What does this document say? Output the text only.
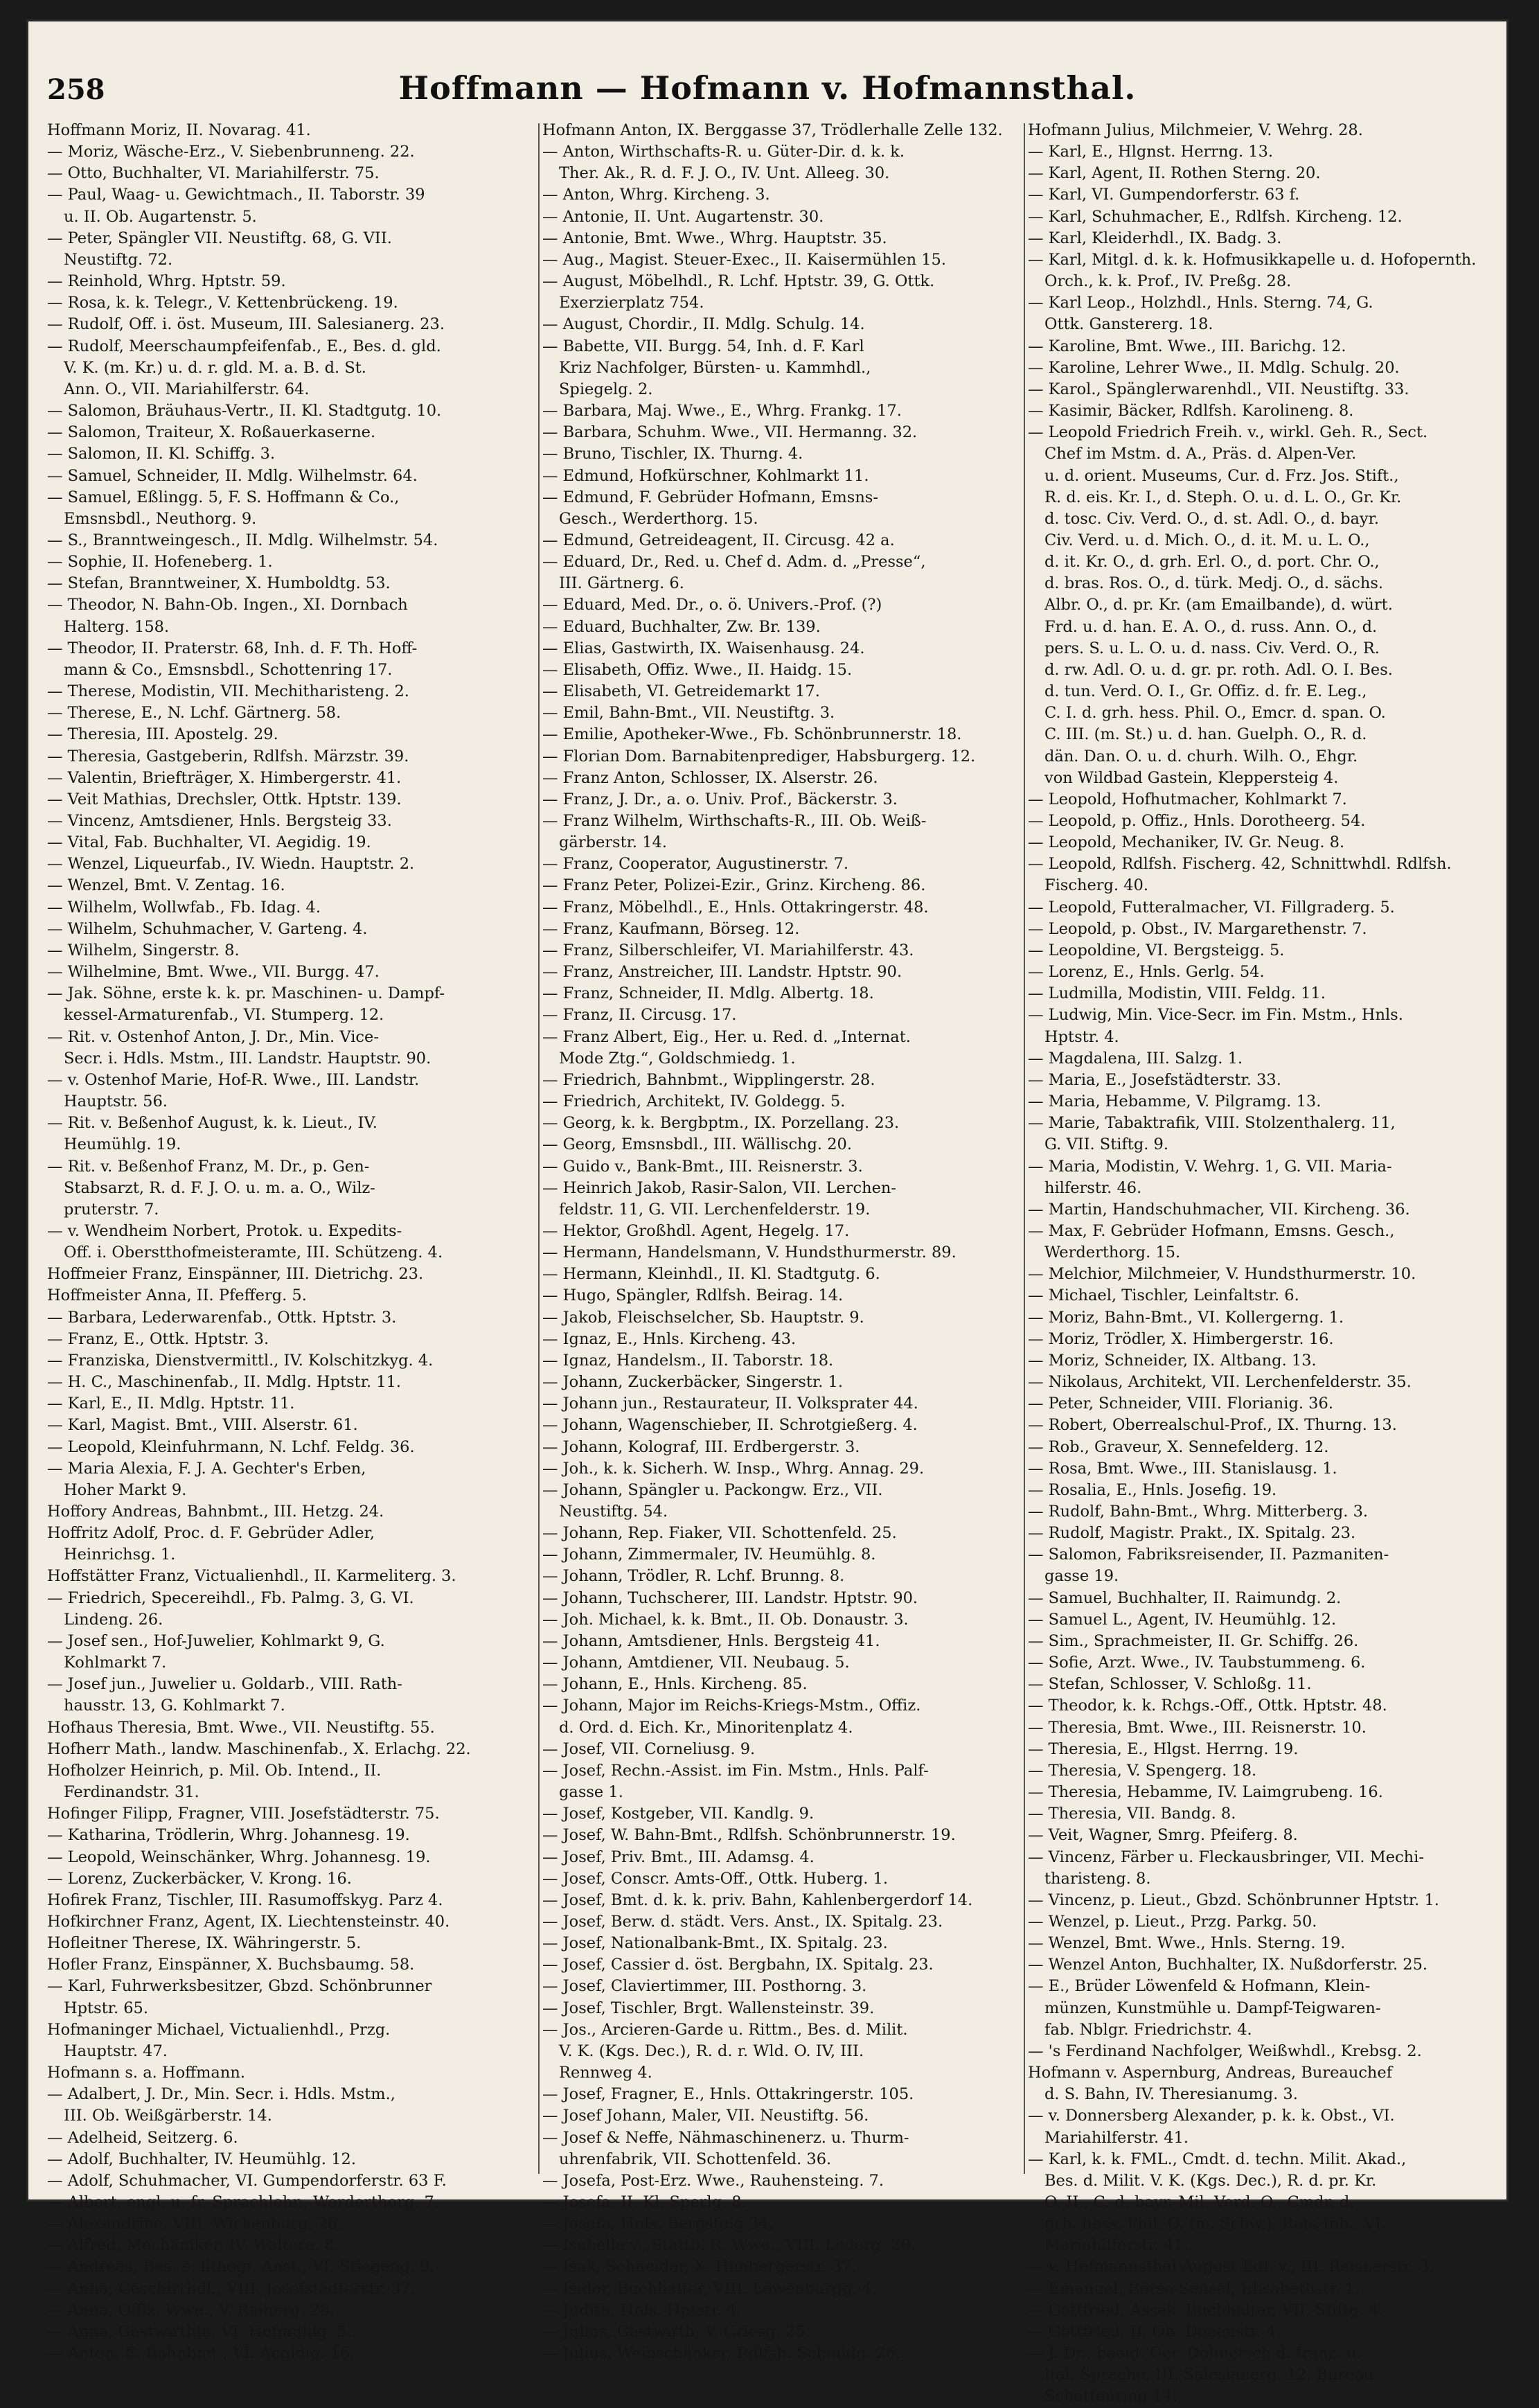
258	Hoffmann — Hofmann v. Hofmannsthal.
Hoffmann Moriz, II. Novarag. 41.
— Moriz, Wäsche-Erz., V. Siebenbrunneng. 22.
— Otto, Buchhalter, VI. Mariahilferstr. 75.
— Paul, Waag- u. Gewichtmach., II. Taborstr. 39
u. II. Ob. Augartenstr. 5.
— Peter, Spängler VII. Neustiftg. 68, G. VII.
Neustiftg. 72.
— Reinhold, Whrg. Hptstr. 59.
— Rosa, k. k. Telegr., V. Kettenbrückeng. 19.
— Rudolf, Off. i. öst. Museum, III. Salesianerg. 23.
— Rudolf, Meerschaumpfeifenfab., E., Bes. d. gld.
V. K. (m. Kr.) u. d. r. gld. M. a. B. d. St.
Ann. O., VII. Mariahilferstr. 64.
— Salomon, Bräuhaus-Vertr., II. Kl. Stadtgutg. 10.
— Salomon, Traiteur, X. Roßauerkaserne.
— Salomon, II. Kl. Schiffg. 3.
— Samuel, Schneider, II. Mdlg. Wilhelmstr. 64.
— Samuel, Eßlingg. 5, F. S. Hoffmann & Co.,
Emsnsbdl., Neuthorg. 9.
— S., Branntweingesch., II. Mdlg. Wilhelmstr. 54.
— Sophie, II. Hofeneberg. 1.
— Stefan, Branntweiner, X. Humboldtg. 53.
— Theodor, N. Bahn-Ob. Ingen., XI. Dornbach
Halterg. 158.
— Theodor, II. Praterstr. 68, Inh. d. F. Th. Hoff-
mann & Co., Emsnsbdl., Schottenring 17.
— Therese, Modistin, VII. Mechitharisteng. 2.
— Therese, E., N. Lchf. Gärtnerg. 58.
— Theresia, III. Apostelg. 29.
— Theresia, Gastgeberin, Rdlfsh. Märzstr. 39.
— Valentin, Briefträger, X. Himbergerstr. 41.
— Veit Mathias, Drechsler, Ottk. Hptstr. 139.
— Vincenz, Amtsdiener, Hnls. Bergsteig 33.
— Vital, Fab. Buchhalter, VI. Aegidig. 19.
— Wenzel, Liqueurfab., IV. Wiedn. Hauptstr. 2.
— Wenzel, Bmt. V. Zentag. 16.
— Wilhelm, Wollwfab., Fb. Idag. 4.
— Wilhelm, Schuhmacher, V. Garteng. 4.
— Wilhelm, Singerstr. 8.
— Wilhelmine, Bmt. Wwe., VII. Burgg. 47.
— Jak. Söhne, erste k. k. pr. Maschinen- u. Dampf-
kessel-Armaturenfab., VI. Stumperg. 12.
— Rit. v. Ostenhof Anton, J. Dr., Min. Vice-
Secr. i. Hdls. Mstm., III. Landstr. Hauptstr. 90.
— v. Ostenhof Marie, Hof-R. Wwe., III. Landstr.
Hauptstr. 56.
— Rit. v. Beßenhof August, k. k. Lieut., IV.
Heumühlg. 19.
— Rit. v. Beßenhof Franz, M. Dr., p. Gen-
Stabsarzt, R. d. F. J. O. u. m. a. O., Wilz-
pruterstr. 7.
— v. Wendheim Norbert, Protok. u. Expedits-
Off. i. Oberstthofmeisteramte, III. Schützeng. 4.
Hoffmeier Franz, Einspänner, III. Dietrichg. 23.
Hoffmeister Anna, II. Pfefferg. 5.
— Barbara, Lederwarenfab., Ottk. Hptstr. 3.
— Franz, E., Ottk. Hptstr. 3.
— Franziska, Dienstvermittl., IV. Kolschitzkyg. 4.
— H. C., Maschinenfab., II. Mdlg. Hptstr. 11.
— Karl, E., II. Mdlg. Hptstr. 11.
— Karl, Magist. Bmt., VIII. Alserstr. 61.
— Leopold, Kleinfuhrmann, N. Lchf. Feldg. 36.
— Maria Alexia, F. J. A. Gechter's Erben,
Hoher Markt 9.
Hoffory Andreas, Bahnbmt., III. Hetzg. 24.
Hoffritz Adolf, Proc. d. F. Gebrüder Adler,
Heinrichsg. 1.
Hoffstätter Franz, Victualienhdl., II. Karmeliterg. 3.
— Friedrich, Specereihdl., Fb. Palmg. 3, G. VI.
Lindeng. 26.
— Josef sen., Hof-Juwelier, Kohlmarkt 9, G.
Kohlmarkt 7.
— Josef jun., Juwelier u. Goldarb., VIII. Rath-
hausstr. 13, G. Kohlmarkt 7.
Hofhaus Theresia, Bmt. Wwe., VII. Neustiftg. 55.
Hofherr Math., landw. Maschinenfab., X. Erlachg. 22.
Hofholzer Heinrich, p. Mil. Ob. Intend., II.
Ferdinandstr. 31.
Hofinger Filipp, Fragner, VIII. Josefstädterstr. 75.
— Katharina, Trödlerin, Whrg. Johannesg. 19.
— Leopold, Weinschänker, Whrg. Johannesg. 19.
— Lorenz, Zuckerbäcker, V. Krong. 16.
Hofirek Franz, Tischler, III. Rasumoffskyg. Parz 4.
Hofkirchner Franz, Agent, IX. Liechtensteinstr. 40.
Hofleitner Therese, IX. Währingerstr. 5.
Hofler Franz, Einspänner, X. Buchsbaumg. 58.
— Karl, Fuhrwerksbesitzer, Gbzd. Schönbrunner
Hptstr. 65.
Hofmaninger Michael, Victualienhdl., Przg.
Hauptstr. 47.
Hofmann s. a. Hoffmann.
— Adalbert, J. Dr., Min. Secr. i. Hdls. Mstm.,
III. Ob. Weißgärberstr. 14.
— Adelheid, Seitzerg. 6.
— Adolf, Buchhalter, IV. Heumühlg. 12.
— Adolf, Schuhmacher, VI. Gumpendorferstr. 63 F.
— Albert, engl. u. fr. Sprachlehr., Werderthorg. 7.
— Alexandrine, VIII. Wickenburg. 26.
— Alfred, Mechaniker, IV. Waltera. 8.
— Andreas, Bes. e. lithogr. Anst., VI. Stiegeng. 9.
— Anna, Geschirrhdl., VIII. Josefstädterstr. 37.
— Anna, Offiz. Wwe., V. Rainerg. 28.
— Anna, Gastwirthin, VI. Hofmühlg. 5.
— Anton, E. Bahnbmt., VI. Aegidig. 16.
Hofmann Anton, IX. Berggasse 37, Trödlerhalle Zelle 132.
— Anton, Wirthschafts-R. u. Güter-Dir. d. k. k.
Ther. Ak., R. d. F. J. O., IV. Unt. Alleeg. 30.
— Anton, Whrg. Kircheng. 3.
— Antonie, II. Unt. Augartenstr. 30.
— Antonie, Bmt. Wwe., Whrg. Hauptstr. 35.
— Aug., Magist. Steuer-Exec., II. Kaisermühlen 15.
— August, Möbelhdl., R. Lchf. Hptstr. 39, G. Ottk.
Exerzierplatz 754.
— August, Chordir., II. Mdlg. Schulg. 14.
— Babette, VII. Burgg. 54, Inh. d. F. Karl
Kriz Nachfolger, Bürsten- u. Kammhdl.,
Spiegelg. 2.
— Barbara, Maj. Wwe., E., Whrg. Frankg. 17.
— Barbara, Schuhm. Wwe., VII. Hermanng. 32.
— Bruno, Tischler, IX. Thurng. 4.
— Edmund, Hofkürschner, Kohlmarkt 11.
— Edmund, F. Gebrüder Hofmann, Emsns-
Gesch., Werderthorg. 15.
— Edmund, Getreideagent, II. Circusg. 42 a.
— Eduard, Dr., Red. u. Chef d. Adm. d. „Presse“,
III. Gärtnerg. 6.
— Eduard, Med. Dr., o. ö. Univers.-Prof. (?)
— Eduard, Buchhalter, Zw. Br. 139.
— Elias, Gastwirth, IX. Waisenhausg. 24.
— Elisabeth, Offiz. Wwe., II. Haidg. 15.
— Elisabeth, VI. Getreidemarkt 17.
— Emil, Bahn-Bmt., VII. Neustiftg. 3.
— Emilie, Apotheker-Wwe., Fb. Schönbrunnerstr. 18.
— Florian Dom. Barnabitenprediger, Habsburgerg. 12.
— Franz Anton, Schlosser, IX. Alserstr. 26.
— Franz, J. Dr., a. o. Univ. Prof., Bäckerstr. 3.
— Franz Wilhelm, Wirthschafts-R., III. Ob. Weiß-
gärberstr. 14.
— Franz, Cooperator, Augustinerstr. 7.
— Franz Peter, Polizei-Ezir., Grinz. Kircheng. 86.
— Franz, Möbelhdl., E., Hnls. Ottakringerstr. 48.
— Franz, Kaufmann, Börseg. 12.
— Franz, Silberschleifer, VI. Mariahilferstr. 43.
— Franz, Anstreicher, III. Landstr. Hptstr. 90.
— Franz, Schneider, II. Mdlg. Albertg. 18.
— Franz, II. Circusg. 17.
— Franz Albert, Eig., Her. u. Red. d. „Internat.
Mode Ztg.“, Goldschmiedg. 1.
— Friedrich, Bahnbmt., Wipplingerstr. 28.
— Friedrich, Architekt, IV. Goldegg. 5.
— Georg, k. k. Bergbptm., IX. Porzellang. 23.
— Georg, Emsnsbdl., III. Wällischg. 20.
— Guido v., Bank-Bmt., III. Reisnerstr. 3.
— Heinrich Jakob, Rasir-Salon, VII. Lerchen-
feldstr. 11, G. VII. Lerchenfelderstr. 19.
— Hektor, Großhdl. Agent, Hegelg. 17.
— Hermann, Handelsmann, V. Hundsthurmerstr. 89.
— Hermann, Kleinhdl., II. Kl. Stadtgutg. 6.
— Hugo, Spängler, Rdlfsh. Beirag. 14.
— Jakob, Fleischselcher, Sb. Hauptstr. 9.
— Ignaz, E., Hnls. Kircheng. 43.
— Ignaz, Handelsm., II. Taborstr. 18.
— Johann, Zuckerbäcker, Singerstr. 1.
— Johann jun., Restaurateur, II. Volksprater 44.
— Johann, Wagenschieber, II. Schrotgießerg. 4.
— Johann, Kolograf, III. Erdbergerstr. 3.
— Joh., k. k. Sicherh. W. Insp., Whrg. Annag. 29.
— Johann, Spängler u. Packongw. Erz., VII.
Neustiftg. 54.
— Johann, Rep. Fiaker, VII. Schottenfeld. 25.
— Johann, Zimmermaler, IV. Heumühlg. 8.
— Johann, Trödler, R. Lchf. Brunng. 8.
— Johann, Tuchscherer, III. Landstr. Hptstr. 90.
— Joh. Michael, k. k. Bmt., II. Ob. Donaustr. 3.
— Johann, Amtsdiener, Hnls. Bergsteig 41.
— Johann, Amtdiener, VII. Neubaug. 5.
— Johann, E., Hnls. Kircheng. 85.
— Johann, Major im Reichs-Kriegs-Mstm., Offiz.
d. Ord. d. Eich. Kr., Minoritenplatz 4.
— Josef, VII. Corneliusg. 9.
— Josef, Rechn.-Assist. im Fin. Mstm., Hnls. Palf-
gasse 1.
— Josef, Kostgeber, VII. Kandlg. 9.
— Josef, W. Bahn-Bmt., Rdlfsh. Schönbrunnerstr. 19.
— Josef, Priv. Bmt., III. Adamsg. 4.
— Josef, Conscr. Amts-Off., Ottk. Huberg. 1.
— Josef, Bmt. d. k. k. priv. Bahn, Kahlenbergerdorf 14.
— Josef, Berw. d. städt. Vers. Anst., IX. Spitalg. 23.
— Josef, Nationalbank-Bmt., IX. Spitalg. 23.
— Josef, Cassier d. öst. Bergbahn, IX. Spitalg. 23.
— Josef, Claviertimmer, III. Posthorng. 3.
— Josef, Tischler, Brgt. Wallensteinstr. 39.
— Jos., Arcieren-Garde u. Rittm., Bes. d. Milit.
V. K. (Kgs. Dec.), R. d. r. Wld. O. IV, III.
Rennweg 4.
— Josef, Fragner, E., Hnls. Ottakringerstr. 105.
— Josef Johann, Maler, VII. Neustiftg. 56.
— Josef & Neffe, Nähmaschinenerz. u. Thurm-
uhrenfabrik, VII. Schottenfeld. 36.
— Josefa, Post-Erz. Wwe., Rauhensteing. 7.
— Josefa, II. Kl. Sperlg. 8.
— Josefa, Hnls. Bergsteig 34.
— Isabella v., Stattb. R. Wwe., VIII. Lederg. 20.
— Isak, Schneider, X. Himbergerstr. 37.
— Isidor, Buchhalter, VIII. Löwenburgg. 4.
— Judith, Hnls. Hptstr. 4.
— Julius, Gastwirth, V. Griesg. 25.
— Julius, Weinschänker, Rdlfsh. Schmidg. 26.
Hofmann Julius, Milchmeier, V. Wehrg. 28.
— Karl, E., Hlgnst. Herrng. 13.
— Karl, Agent, II. Rothen Sterng. 20.
— Karl, VI. Gumpendorferstr. 63 f.
— Karl, Schuhmacher, E., Rdlfsh. Kircheng. 12.
— Karl, Kleiderhdl., IX. Badg. 3.
— Karl, Mitgl. d. k. k. Hofmusikkapelle u. d. Hofopernth.
Orch., k. k. Prof., IV. Preßg. 28.
— Karl Leop., Holzhdl., Hnls. Sterng. 74, G.
Ottk. Ganstererg. 18.
— Karoline, Bmt. Wwe., III. Barichg. 12.
— Karoline, Lehrer Wwe., II. Mdlg. Schulg. 20.
— Karol., Spänglerwarenhdl., VII. Neustiftg. 33.
— Kasimir, Bäcker, Rdlfsh. Karolineng. 8.
— Leopold Friedrich Freih. v., wirkl. Geh. R., Sect.
Chef im Mstm. d. A., Präs. d. Alpen-Ver.
u. d. orient. Museums, Cur. d. Frz. Jos. Stift.,
R. d. eis. Kr. I., d. Steph. O. u. d. L. O., Gr. Kr.
d. tosc. Civ. Verd. O., d. st. Adl. O., d. bayr.
Civ. Verd. u. d. Mich. O., d. it. M. u. L. O.,
d. it. Kr. O., d. grh. Erl. O., d. port. Chr. O.,
d. bras. Ros. O., d. türk. Medj. O., d. sächs.
Albr. O., d. pr. Kr. (am Emailbande), d. würt.
Frd. u. d. han. E. A. O., d. russ. Ann. O., d.
pers. S. u. L. O. u. d. nass. Civ. Verd. O., R.
d. rw. Adl. O. u. d. gr. pr. roth. Adl. O. I. Bes.
d. tun. Verd. O. I., Gr. Offiz. d. fr. E. Leg.,
C. I. d. grh. hess. Phil. O., Emcr. d. span. O.
C. III. (m. St.) u. d. han. Guelph. O., R. d.
dän. Dan. O. u. d. churh. Wilh. O., Ehgr.
von Wildbad Gastein, Kleppersteig 4.
— Leopold, Hofhutmacher, Kohlmarkt 7.
— Leopold, p. Offiz., Hnls. Dorotheerg. 54.
— Leopold, Mechaniker, IV. Gr. Neug. 8.
— Leopold, Rdlfsh. Fischerg. 42, Schnittwhdl. Rdlfsh.
Fischerg. 40.
— Leopold, Futteralmacher, VI. Fillgraderg. 5.
— Leopold, p. Obst., IV. Margarethenstr. 7.
— Leopoldine, VI. Bergsteigg. 5.
— Lorenz, E., Hnls. Gerlg. 54.
— Ludmilla, Modistin, VIII. Feldg. 11.
— Ludwig, Min. Vice-Secr. im Fin. Mstm., Hnls.
Hptstr. 4.
— Magdalena, III. Salzg. 1.
— Maria, E., Josefstädterstr. 33.
— Maria, Hebamme, V. Pilgramg. 13.
— Marie, Tabaktrafik, VIII. Stolzenthalerg. 11,
G. VII. Stiftg. 9.
— Maria, Modistin, V. Wehrg. 1, G. VII. Maria-
hilferstr. 46.
— Martin, Handschuhmacher, VII. Kircheng. 36.
— Max, F. Gebrüder Hofmann, Emsns. Gesch.,
Werderthorg. 15.
— Melchior, Milchmeier, V. Hundsthurmerstr. 10.
— Michael, Tischler, Leinfaltstr. 6.
— Moriz, Bahn-Bmt., VI. Kollergerng. 1.
— Moriz, Trödler, X. Himbergerstr. 16.
— Moriz, Schneider, IX. Altbang. 13.
— Nikolaus, Architekt, VII. Lerchenfelderstr. 35.
— Peter, Schneider, VIII. Florianig. 36.
— Robert, Oberrealschul-Prof., IX. Thurng. 13.
— Rob., Graveur, X. Sennefelderg. 12.
— Rosa, Bmt. Wwe., III. Stanislausg. 1.
— Rosalia, E., Hnls. Josefig. 19.
— Rudolf, Bahn-Bmt., Whrg. Mitterberg. 3.
— Rudolf, Magistr. Prakt., IX. Spitalg. 23.
— Salomon, Fabriksreisender, II. Pazmaniten-
gasse 19.
— Samuel, Buchhalter, II. Raimundg. 2.
— Samuel L., Agent, IV. Heumühlg. 12.
— Sim., Sprachmeister, II. Gr. Schiffg. 26.
— Sofie, Arzt. Wwe., IV. Taubstummeng. 6.
— Stefan, Schlosser, V. Schloßg. 11.
— Theodor, k. k. Rchgs.-Off., Ottk. Hptstr. 48.
— Theresia, Bmt. Wwe., III. Reisnerstr. 10.
— Theresia, E., Hlgst. Herrng. 19.
— Theresia, V. Spengerg. 18.
— Theresia, Hebamme, IV. Laimgrubeng. 16.
— Theresia, VII. Bandg. 8.
— Veit, Wagner, Smrg. Pfeiferg. 8.
— Vincenz, Färber u. Fleckausbringer, VII. Mechi-
tharisteng. 8.
— Vincenz, p. Lieut., Gbzd. Schönbrunner Hptstr. 1.
— Wenzel, p. Lieut., Przg. Parkg. 50.
— Wenzel, Bmt. Wwe., Hnls. Sterng. 19.
— Wenzel Anton, Buchhalter, IX. Nußdorferstr. 25.
— E., Brüder Löwenfeld & Hofmann, Klein-
münzen, Kunstmühle u. Dampf-Teigwaren-
fab. Nblgr. Friedrichstr. 4.
— 's Ferdinand Nachfolger, Weißwhdl., Krebsg. 2.
Hofmann v. Aspernburg, Andreas, Bureauchef
d. S. Bahn, IV. Theresianumg. 3.
— v. Donnersberg Alexander, p. k. k. Obst., VI.
Mariahilferstr. 41.
— Karl, k. k. FML., Cmdt. d. techn. Milit. Akad.,
Bes. d. Milit. V. K. (Kgs. Dec.), R. d. pr. Kr.
O. II., C. d. bayr. Mil. Verd. O., Cmdr. d.
grh. hess. Phil. O. (m. Schw.), Rats-Inh., VI.
Mariahilferstr. 41.
— v. Hofmannsthal August Edl. v., III. Reisnerstr. 3.
— Emanuel, Börse-Sensal, Elisabethstr. 1.
— Gottfried, Assek. Buchhalter, VII. Stiftg. 4.
— Gottfried, II. Ob. Donaustr. 4.
— J. Dr., beeid. Ger. Dolmetsch d. franz. u.
ital. Sprache, III. Salesianerg. 12, Bureau
Schottenring 14.
